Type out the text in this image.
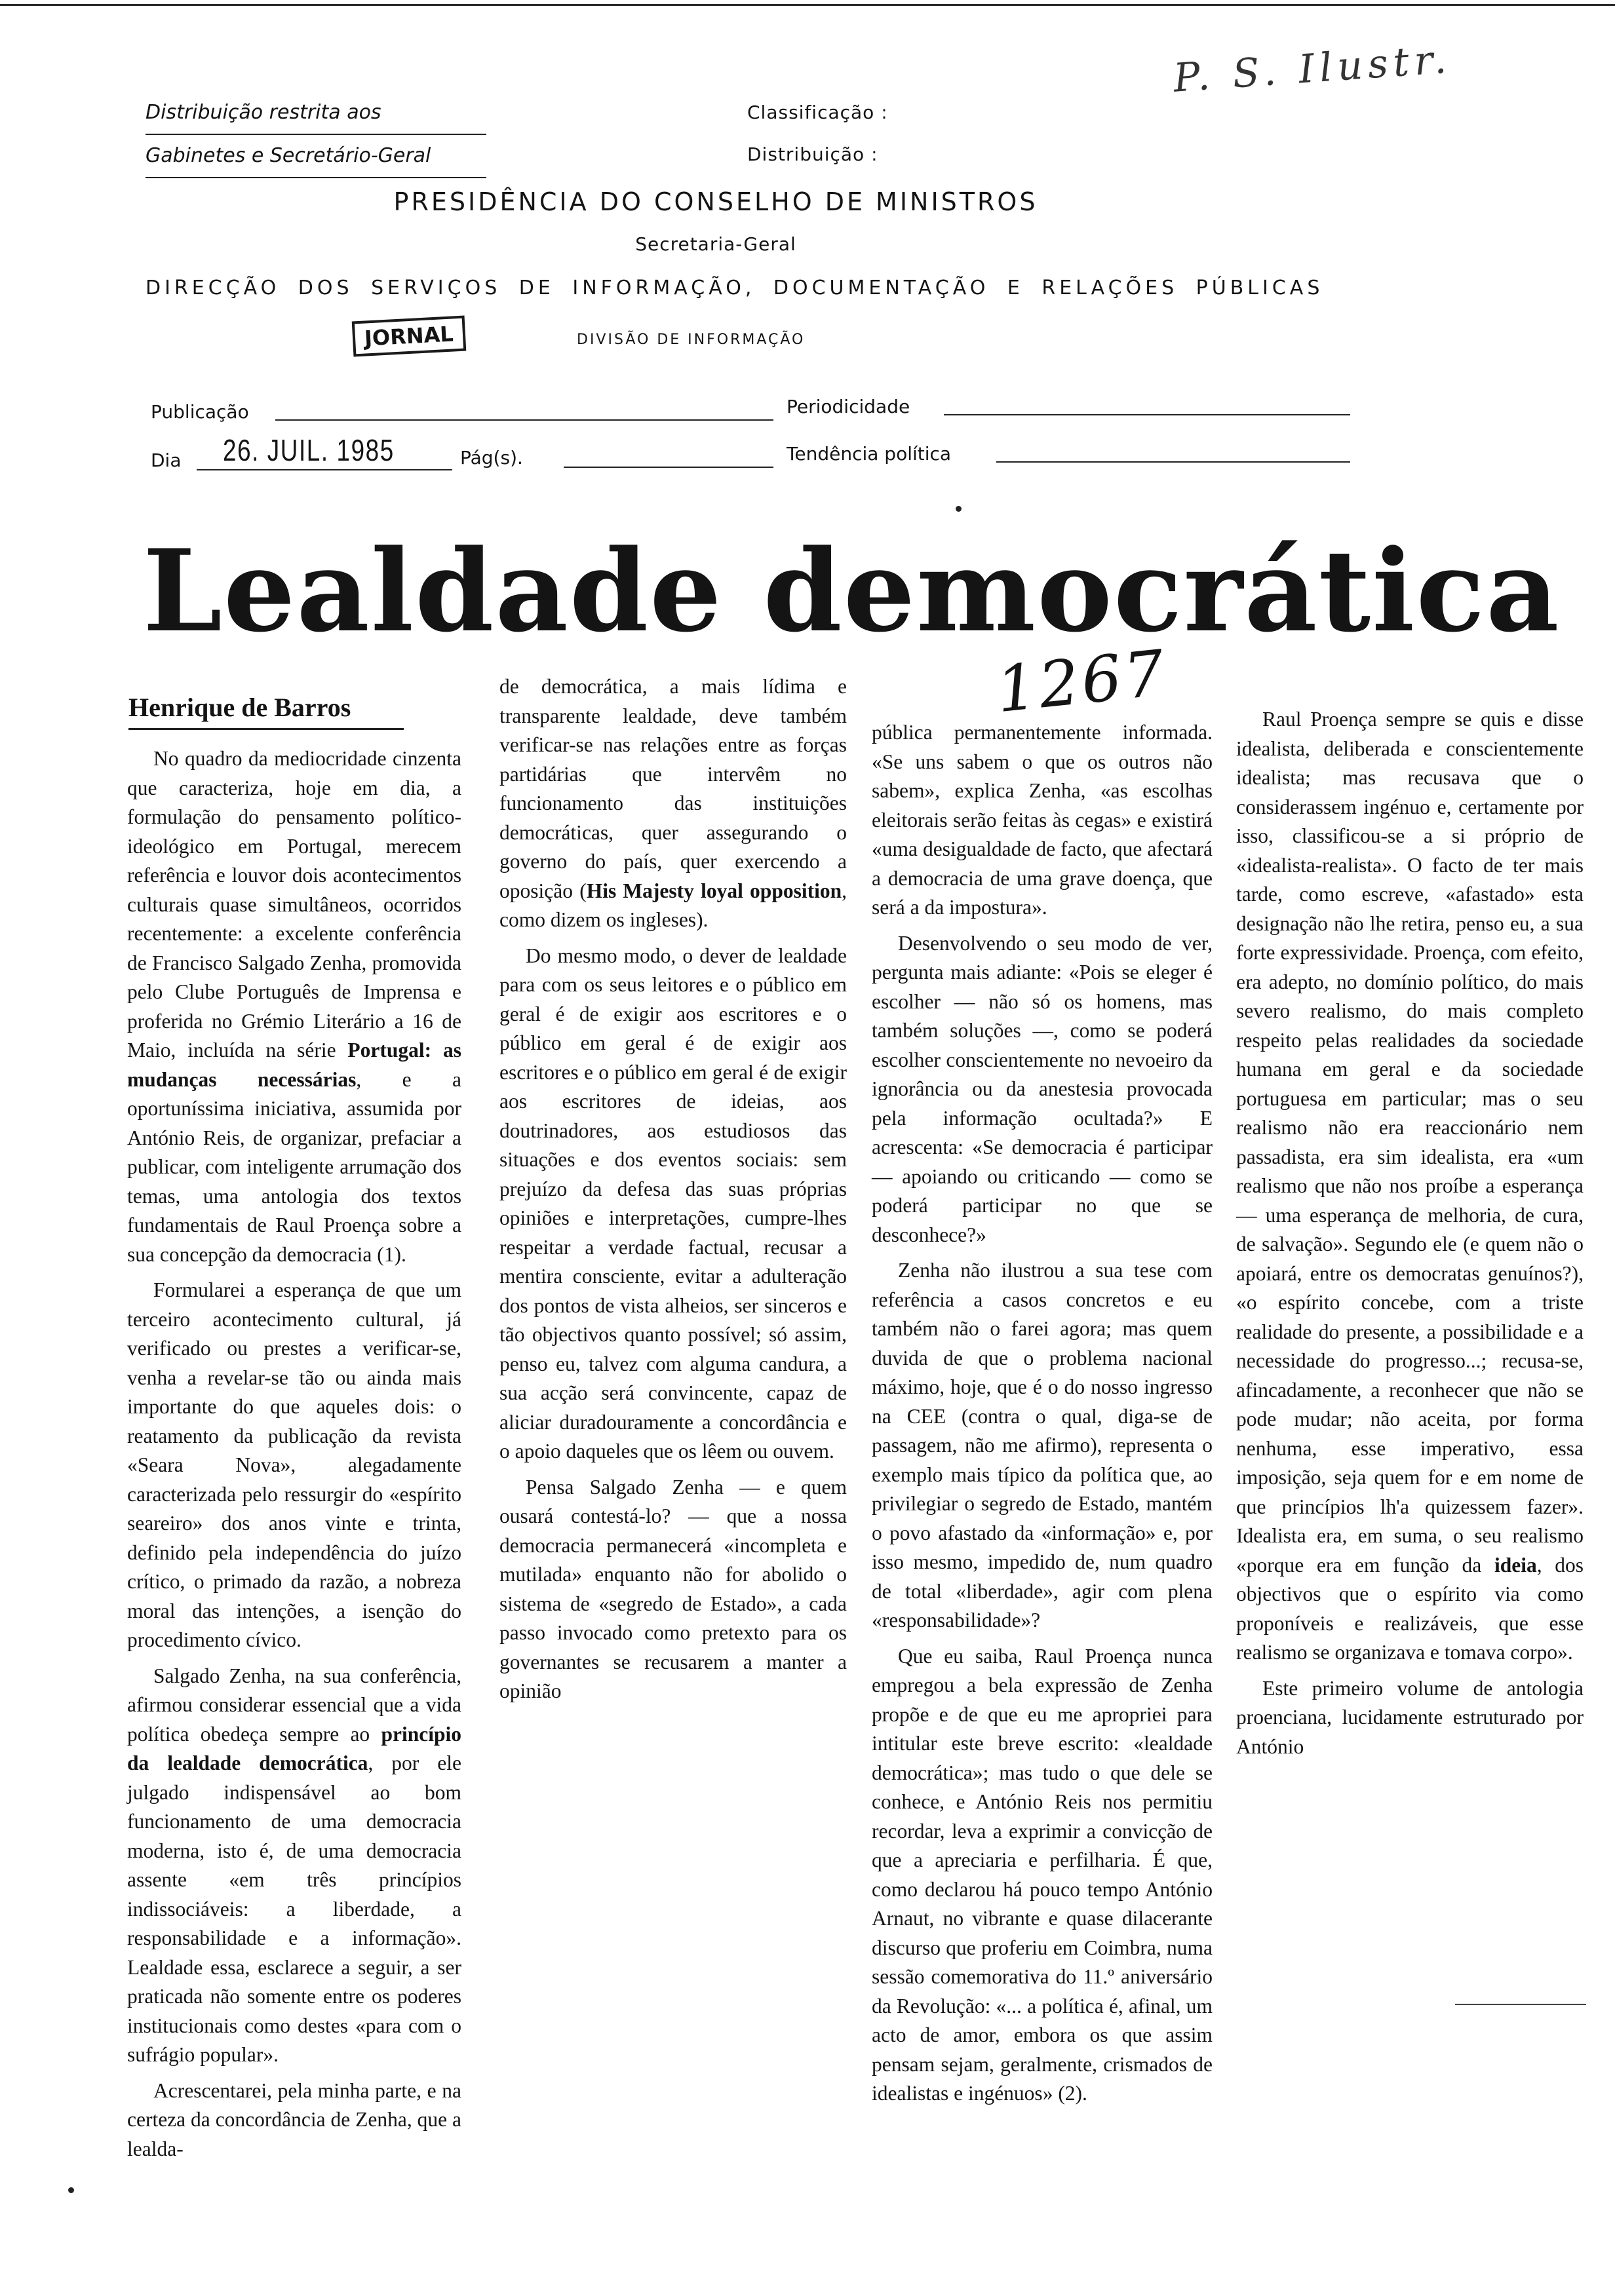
Distribuição restrita aos
Gabinetes e Secretário-Geral
Classificação :
Distribuição :
P. S. Ilustr.
PRESIDÊNCIA DO CONSELHO DE MINISTROS
Secretaria-Geral
DIRECÇÃO DOS SERVIÇOS DE INFORMAÇÃO, DOCUMENTAÇÃO E RELAÇÕES PÚBLICAS
JORNAL	DIVISÃO DE INFORMAÇÃO
Publicação	Periodicidade
Dia 26. JUIL. 1985	Pág(s).	Tendência política
Lealdade democrática
1267
Henrique de Barros

No quadro da mediocridade cinzenta que caracteriza, hoje em dia, a formulação do pensamento político-ideológico em Portugal, merecem referência e louvor dois acontecimentos culturais quase simultâneos, ocorridos recentemente: a excelente conferência de Francisco Salgado Zenha, promovida pelo Clube Português de Imprensa e proferida no Grémio Literário a 16 de Maio, incluída na série Portugal: as mudanças necessárias, e a oportuníssima iniciativa, assumida por António Reis, de organizar, prefaciar a publicar, com inteligente arrumação dos temas, uma antologia dos textos fundamentais de Raul Proença sobre a sua concepção da democracia (1).

Formularei a esperança de que um terceiro acontecimento cultural, já verificado ou prestes a verificar-se, venha a revelar-se tão ou ainda mais importante do que aqueles dois: o reatamento da publicação da revista «Seara Nova», alegadamente caracterizada pelo ressurgir do «espírito seareiro» dos anos vinte e trinta, definido pela independência do juízo crítico, o primado da razão, a nobreza moral das intenções, a isenção do procedimento cívico.

Salgado Zenha, na sua conferência, afirmou considerar essencial que a vida política obedeça sempre ao princípio da lealdade democrática, por ele julgado indispensável ao bom funcionamento de uma democracia moderna, isto é, de uma democracia assente «em três princípios indissociáveis: a liberdade, a responsabilidade e a informação». Lealdade essa, esclarece a seguir, a ser praticada não somente entre os poderes institucionais como destes «para com o sufrágio popular».

Acrescentarei, pela minha parte, e na certeza da concordância de Zenha, que a lealda-

de democrática, a mais lídima e transparente lealdade, deve também verificar-se nas relações entre as forças partidárias que intervêm no funcionamento das instituições democráticas, quer assegurando o governo do país, quer exercendo a oposição (His Majesty loyal opposition, como dizem os ingleses).

Do mesmo modo, o dever de lealdade para com os seus leitores e o público em geral é de exigir aos escritores e o público em geral é de exigir aos escritores e o público em geral é de exigir aos escritores de ideias, aos doutrinadores, aos estudiosos das situações e dos eventos sociais: sem prejuízo da defesa das suas próprias opiniões e interpretações, cumpre-lhes respeitar a verdade factual, recusar a mentira consciente, evitar a adulteração dos pontos de vista alheios, ser sinceros e tão objectivos quanto possível; só assim, penso eu, talvez com alguma candura, a sua acção será convincente, capaz de aliciar duradouramente a concordância e o apoio daqueles que os lêem ou ouvem.

Pensa Salgado Zenha — e quem ousará contestá-lo? — que a nossa democracia permanecerá «incompleta e mutilada» enquanto não for abolido o sistema de «segredo de Estado», a cada passo invocado como pretexto para os governantes se recusarem a manter a opinião

pública permanentemente informada. «Se uns sabem o que os outros não sabem», explica Zenha, «as escolhas eleitorais serão feitas às cegas» e existirá «uma desigualdade de facto, que afectará a democracia de uma grave doença, que será a da impostura».

Desenvolvendo o seu modo de ver, pergunta mais adiante: «Pois se eleger é escolher — não só os homens, mas também soluções —, como se poderá escolher conscientemente no nevoeiro da ignorância ou da anestesia provocada pela informação ocultada?» E acrescenta: «Se democracia é participar — apoiando ou criticando — como se poderá participar no que se desconhece?»

Zenha não ilustrou a sua tese com referência a casos concretos e eu também não o farei agora; mas quem duvida de que o problema nacional máximo, hoje, que é o do nosso ingresso na CEE (contra o qual, diga-se de passagem, não me afirmo), representa o exemplo mais típico da política que, ao privilegiar o segredo de Estado, mantém o povo afastado da «informação» e, por isso mesmo, impedido de, num quadro de total «liberdade», agir com plena «responsabilidade»?

Que eu saiba, Raul Proença nunca empregou a bela expressão de Zenha propõe e de que eu me apropriei para intitular este breve escrito: «lealdade democrática»; mas tudo o que dele se conhece, e António Reis nos permitiu recordar, leva a exprimir a convicção de que a apreciaria e perfilharia. É que, como declarou há pouco tempo António Arnaut, no vibrante e quase dilacerante discurso que proferiu em Coimbra, numa sessão comemorativa do 11.º aniversário da Revolução: «... a política é, afinal, um acto de amor, embora os que assim pensam sejam, geralmente, crismados de idealistas e ingénuos» (2).

Raul Proença sempre se quis e disse idealista, deliberada e conscientemente idealista; mas recusava que o considerassem ingénuo e, certamente por isso, classificou-se a si próprio de «idealista-realista». O facto de ter mais tarde, como escreve, «afastado» esta designação não lhe retira, penso eu, a sua forte expressividade. Proença, com efeito, era adepto, no domínio político, do mais severo realismo, do mais completo respeito pelas realidades da sociedade humana em geral e da sociedade portuguesa em particular; mas o seu realismo não era reaccionário nem passadista, era sim idealista, era «um realismo que não nos proíbe a esperança — uma esperança de melhoria, de cura, de salvação». Segundo ele (e quem não o apoiará, entre os democratas genuínos?), «o espírito concebe, com a triste realidade do presente, a possibilidade e a necessidade do progresso...; recusa-se, afincadamente, a reconhecer que não se pode mudar; não aceita, por forma nenhuma, esse imperativo, essa imposição, seja quem for e em nome de que princípios lh'a quizessem fazer». Idealista era, em suma, o seu realismo «porque era em função da ideia, dos objectivos que o espírito via como proponíveis e realizáveis, que esse realismo se organizava e tomava corpo».

Este primeiro volume de antologia proenciana, lucidamente estruturado por António
